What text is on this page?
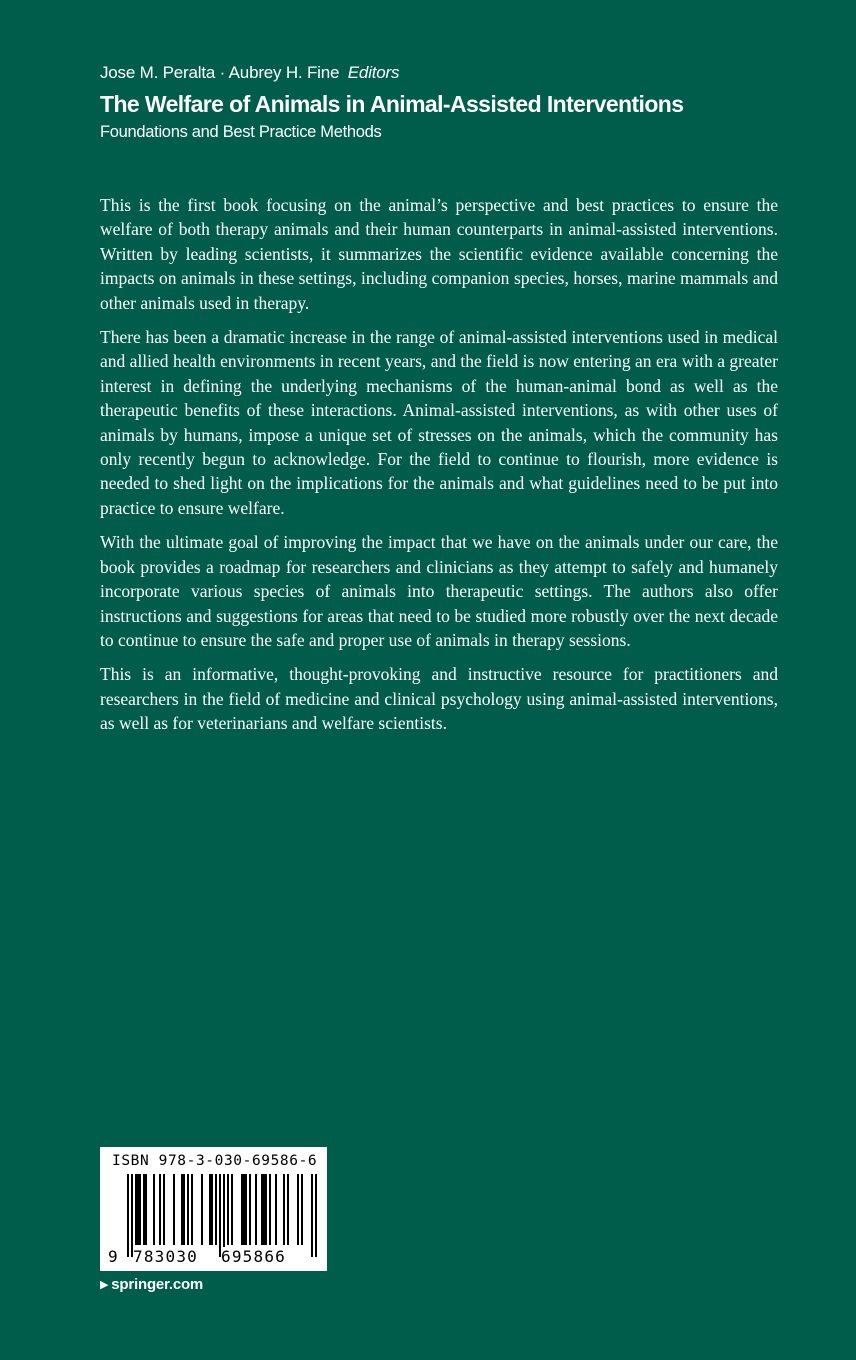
Jose M. Peralta · Aubrey H. Fine Editors
The Welfare of Animals in Animal-Assisted Interventions
Foundations and Best Practice Methods

This is the first book focusing on the animal’s perspective and best practices to ensure the welfare of both therapy animals and their human counterparts in animal-assisted interventions. Written by leading scientists, it summarizes the scientific evidence available concerning the impacts on animals in these settings, including companion species, horses, marine mammals and other animals used in therapy.

There has been a dramatic increase in the range of animal-assisted interventions used in medical and allied health environments in recent years, and the field is now entering an era with a greater interest in defining the underlying mechanisms of the human-animal bond as well as the therapeutic benefits of these interactions. Animal-assisted interventions, as with other uses of animals by humans, impose a unique set of stresses on the animals, which the community has only recently begun to acknowledge. For the field to continue to flourish, more evidence is needed to shed light on the implications for the animals and what guidelines need to be put into practice to ensure welfare.

With the ultimate goal of improving the impact that we have on the animals under our care, the book provides a roadmap for researchers and clinicians as they attempt to safely and humanely incorporate various species of animals into therapeutic settings. The authors also offer instructions and suggestions for areas that need to be studied more robustly over the next decade to continue to ensure the safe and proper use of animals in therapy sessions.

This is an informative, thought-provoking and instructive resource for practitioners and researchers in the field of medicine and clinical psychology using animal-assisted interventions, as well as for veterinarians and welfare scientists.

ISBN 978-3-030-69586-6
9 783030 695866
▶ springer.com
